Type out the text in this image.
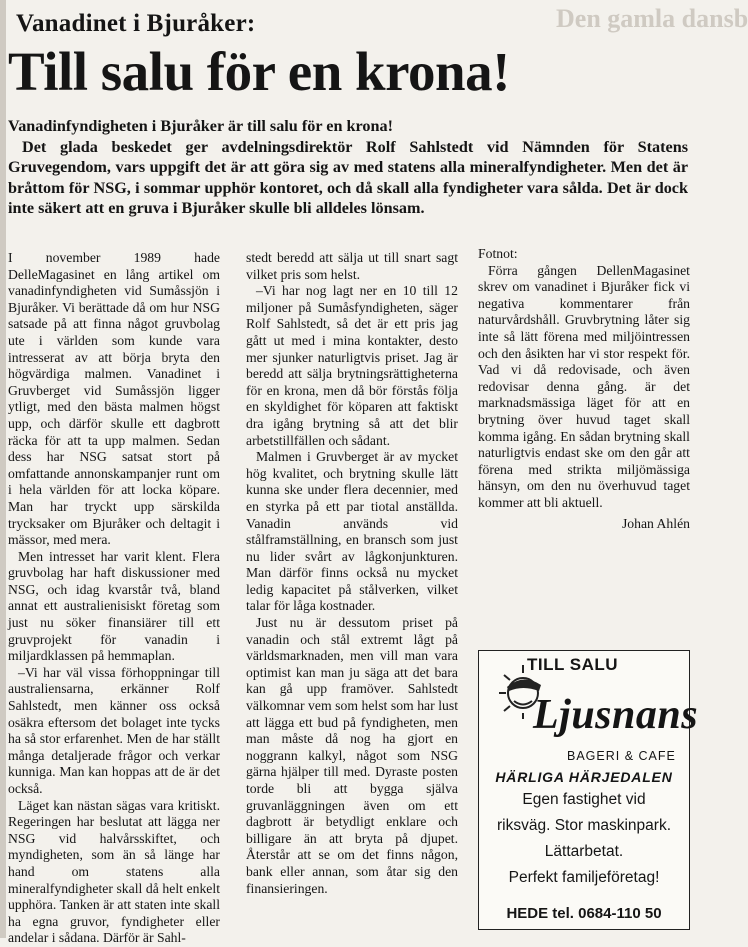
Den gamla dansb
Vanadinet i Bjuråker:
Till salu för en krona!

Vanadinfyndigheten i Bjuråker är till salu för en krona!

Det glada beskedet ger avdelningsdirektör Rolf Sahlstedt vid Nämnden för Statens Gruvegendom, vars uppgift det är att göra sig av med statens alla mineralfyndigheter. Men det är bråttom för NSG, i sommar upphör kontoret, och då skall alla fyndigheter vara sålda. Det är dock inte säkert att en gruva i Bjuråker skulle bli alldeles lönsam.

I november 1989 hade DelleMagasinet en lång artikel om vanadinfyndigheten vid Sumåssjön i Bjuråker. Vi berättade då om hur NSG satsade på att finna något gruvbolag ute i världen som kunde vara intresserat av att börja bryta den högvärdiga malmen. Vanadinet i Gruvberget vid Sumåssjön ligger ytligt, med den bästa malmen högst upp, och därför skulle ett dagbrott räcka för att ta upp malmen. Sedan dess har NSG satsat stort på omfattande annonskampanjer runt om i hela världen för att locka köpare. Man har tryckt upp särskilda trycksaker om Bjuråker och deltagit i mässor, med mera.

Men intresset har varit klent. Flera gruvbolag har haft diskussioner med NSG, och idag kvarstår två, bland annat ett australienisiskt företag som just nu söker finansiärer till ett gruvprojekt för vanadin i miljardklassen på hemmaplan.

–Vi har väl vissa förhoppningar till australiensarna, erkänner Rolf Sahlstedt, men känner oss också osäkra eftersom det bolaget inte tycks ha så stor erfarenhet. Men de har ställt många detaljerade frågor och verkar kunniga. Man kan hoppas att de är det också.

Läget kan nästan sägas vara kritiskt. Regeringen har beslutat att lägga ner NSG vid halvårsskiftet, och myndigheten, som än så länge har hand om statens alla mineralfyndigheter skall då helt enkelt upphöra. Tanken är att staten inte skall ha egna gruvor, fyndigheter eller andelar i sådana. Därför är Sahl-

stedt beredd att sälja ut till snart sagt vilket pris som helst.

–Vi har nog lagt ner en 10 till 12 miljoner på Sumåsfyndigheten, säger Rolf Sahlstedt, så det är ett pris jag gått ut med i mina kontakter, desto mer sjunker naturligtvis priset. Jag är beredd att sälja brytningsrättigheterna för en krona, men då bör förstås följa en skyldighet för köparen att faktiskt dra igång brytning så att det blir arbetstillfällen och sådant.

Malmen i Gruvberget är av mycket hög kvalitet, och brytning skulle lätt kunna ske under flera decennier, med en styrka på ett par tiotal anställda. Vanadin används vid stålframställning, en bransch som just nu lider svårt av lågkonjunkturen. Man därför finns också nu mycket ledig kapacitet på stålverken, vilket talar för låga kostnader.

Just nu är dessutom priset på vanadin och stål extremt lågt på världsmarknaden, men vill man vara optimist kan man ju säga att det bara kan gå upp framöver. Sahlstedt välkomnar vem som helst som har lust att lägga ett bud på fyndigheten, men man måste då nog ha gjort en noggrann kalkyl, något som NSG gärna hjälper till med. Dyraste posten torde bli att bygga själva gruvanläggningen även om ett dagbrott är betydligt enklare och billigare än att bryta på djupet. Återstår att se om det finns någon, bank eller annan, som åtar sig den finansieringen.

Fotnot:

Förra gången DellenMagasinet skrev om vanadinet i Bjuråker fick vi negativa kommentarer från naturvårdshåll. Gruvbrytning låter sig inte så lätt förena med miljöintressen och den åsikten har vi stor respekt för. Vad vi då redovisade, och även redovisar denna gång. är det marknadsmässiga läget för att en brytning över huvud taget skall komma igång. En sådan brytning skall naturligtvis endast ske om den går att förena med strikta miljömässiga hänsyn, om den nu överhuvud taget kommer att bli aktuell.

Johan Ahlén

TILL SALU
Ljusnans
BAGERI & CAFE
HÄRLIGA HÄRJEDALEN
Egen fastighet vid
riksväg. Stor maskinpark.
Lättarbetat.
Perfekt familjeföretag!
HEDE tel. 0684-110 50
